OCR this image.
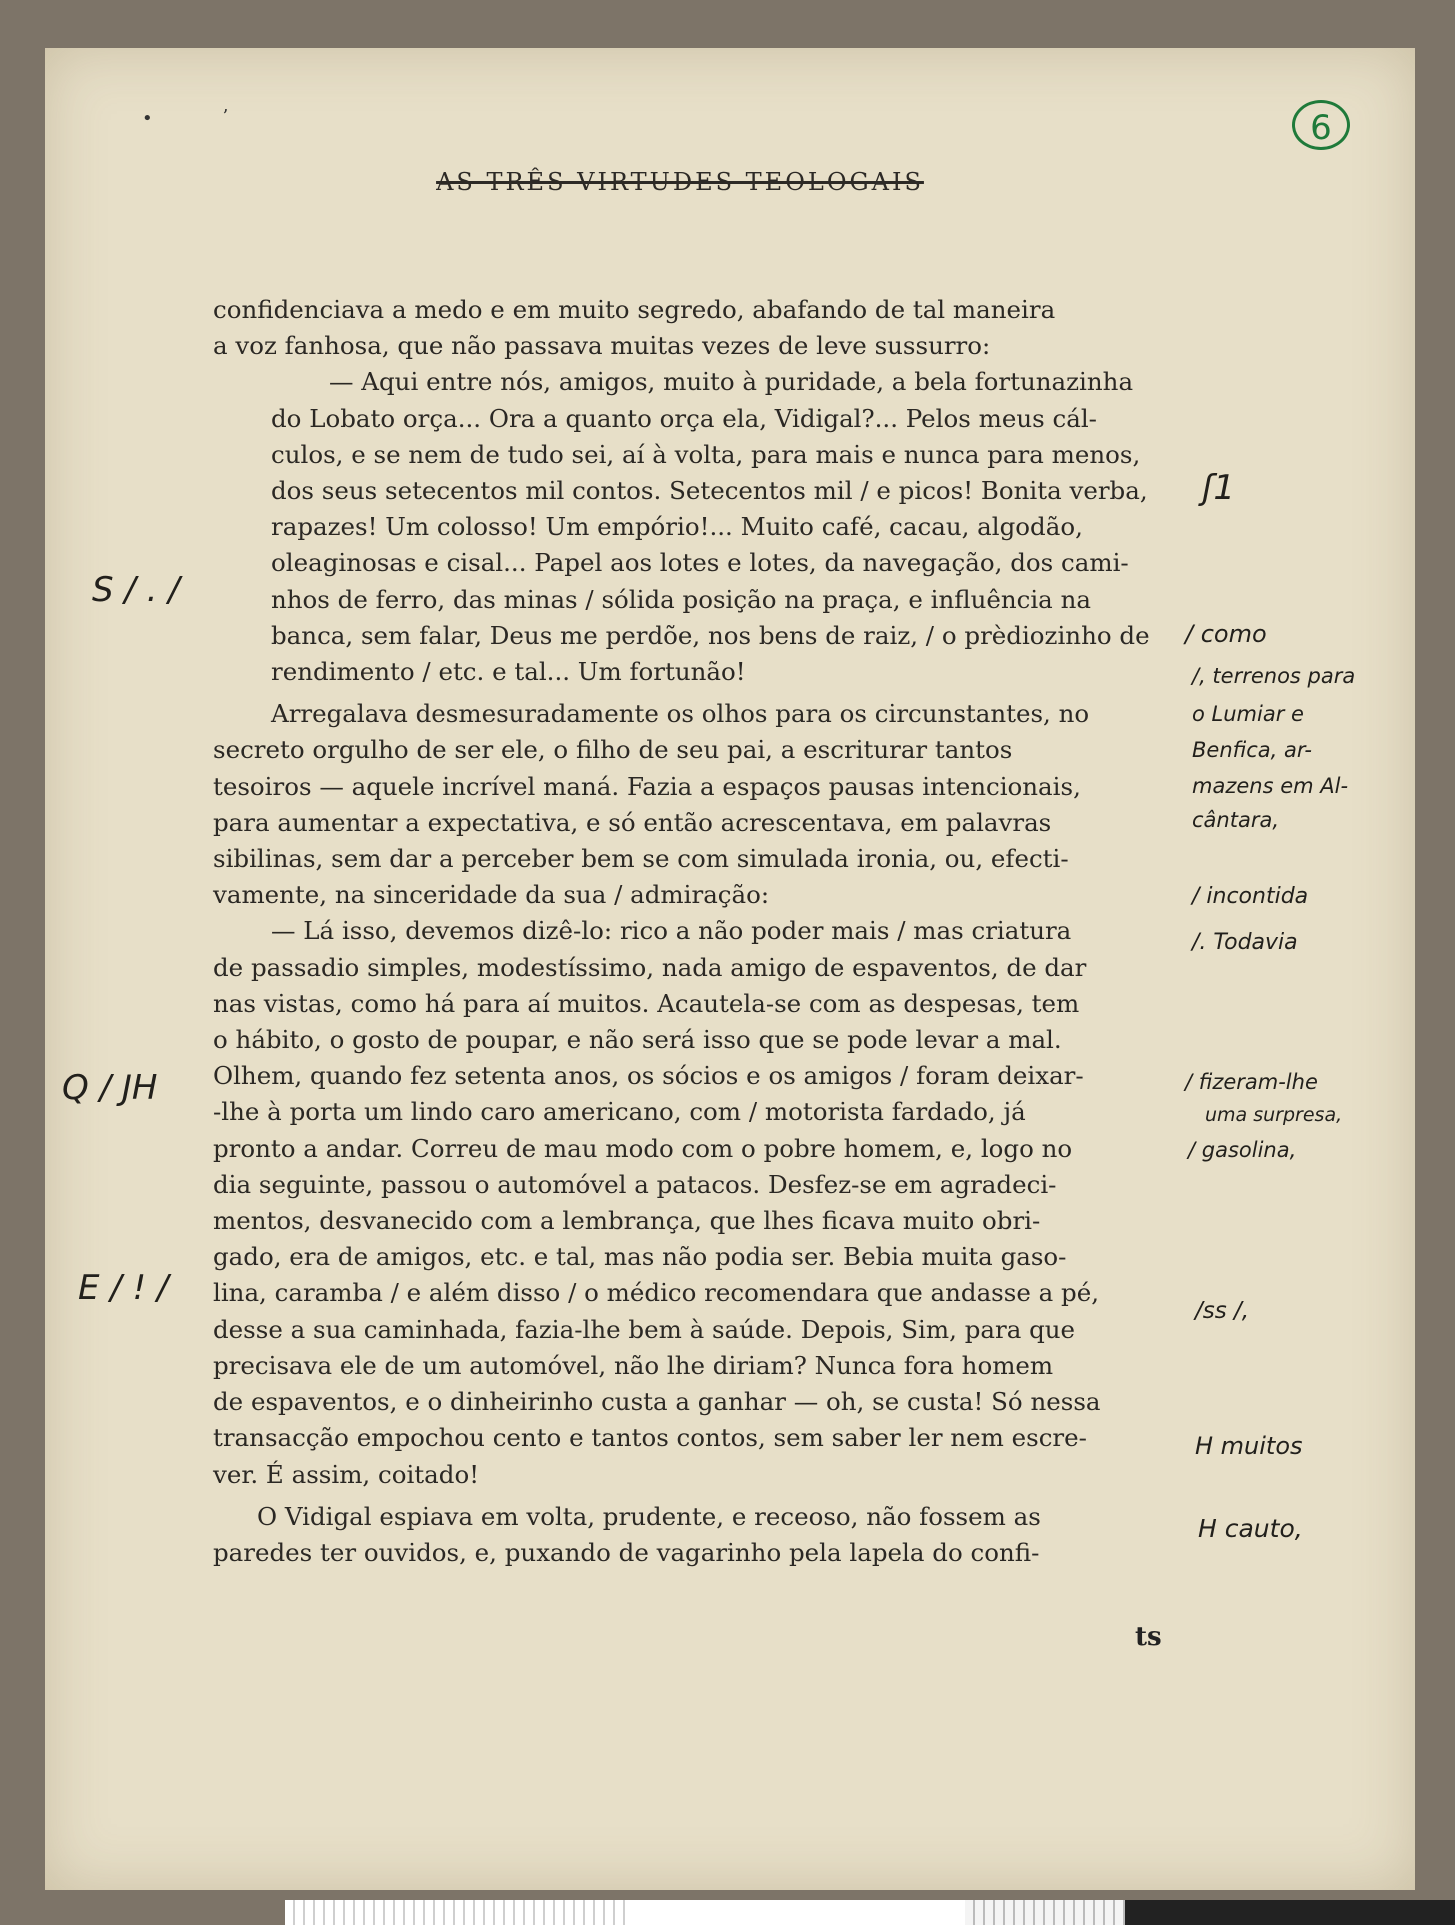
•	ʼ	6
AS TRÊS VIRTUDES TEOLOGAIS

confidenciava a medo e em muito segredo, abafando de tal maneira
a voz fanhosa, que não passava muitas vezes de leve sussurro:

— Aqui entre nós, amigos, muito à puridade, a bela fortunazinha
do Lobato orça... Ora a quanto orça ela, Vidigal?... Pelos meus cál-
culos, e se nem de tudo sei, aí à volta, para mais e nunca para menos,
dos seus setecentos mil contos. Setecentos mil / e picos! Bonita verba,
rapazes! Um colosso! Um empório!... Muito café, cacau, algodão,
oleaginosas e cisal... Papel aos lotes e lotes, da navegação, dos cami-
nhos de ferro, das minas / sólida posição na praça, e influência na
banca, sem falar, Deus me perdõe, nos bens de raiz, / o prèdiozinho de
rendimento / etc. e tal... Um fortunão!

Arregalava desmesuradamente os olhos para os circunstantes, no
secreto orgulho de ser ele, o filho de seu pai, a escriturar tantos
tesoiros — aquele incrível maná. Fazia a espaços pausas intencionais,
para aumentar a expectativa, e só então acrescentava, em palavras
sibilinas, sem dar a perceber bem se com simulada ironia, ou, efecti-
vamente, na sinceridade da sua / admiração:

— Lá isso, devemos dizê-lo: rico a não poder mais / mas criatura
de passadio simples, modestíssimo, nada amigo de espaventos, de dar
nas vistas, como há para aí muitos. Acautela-se com as despesas, tem
o hábito, o gosto de poupar, e não será isso que se pode levar a mal.
Olhem, quando fez setenta anos, os sócios e os amigos / foram deixar-
-lhe à porta um lindo caro americano, com / motorista fardado, já
pronto a andar. Correu de mau modo com o pobre homem, e, logo no
dia seguinte, passou o automóvel a patacos. Desfez-se em agradeci-
mentos, desvanecido com a lembrança, que lhes ficava muito obri-
gado, era de amigos, etc. e tal, mas não podia ser. Bebia muita gaso-
lina, caramba / e além disso / o médico recomendara que andasse a pé,
desse a sua caminhada, fazia-lhe bem à saúde. Depois, Sim, para que
precisava ele de um automóvel, não lhe diriam? Nunca fora homem
de espaventos, e o dinheirinho custa a ganhar — oh, se custa! Só nessa
transacção empochou cento e tantos contos, sem saber ler nem escre-
ver. É assim, coitado!

O Vidigal espiava em volta, prudente, e receoso, não fossem as
paredes ter ouvidos, e, puxando de vagarinho pela lapela do confi-

S / . /
Q / JH
E / ! /
ʃ1
/ como
/, terrenos para
o Lumiar e
Benfica, ar-
mazens em Al-
cântara,
/ incontida
/. Todavia
/ fizeram-lhe
uma surpresa,
/ gasolina,
/ss /,
H muitos
H cauto,
ts
